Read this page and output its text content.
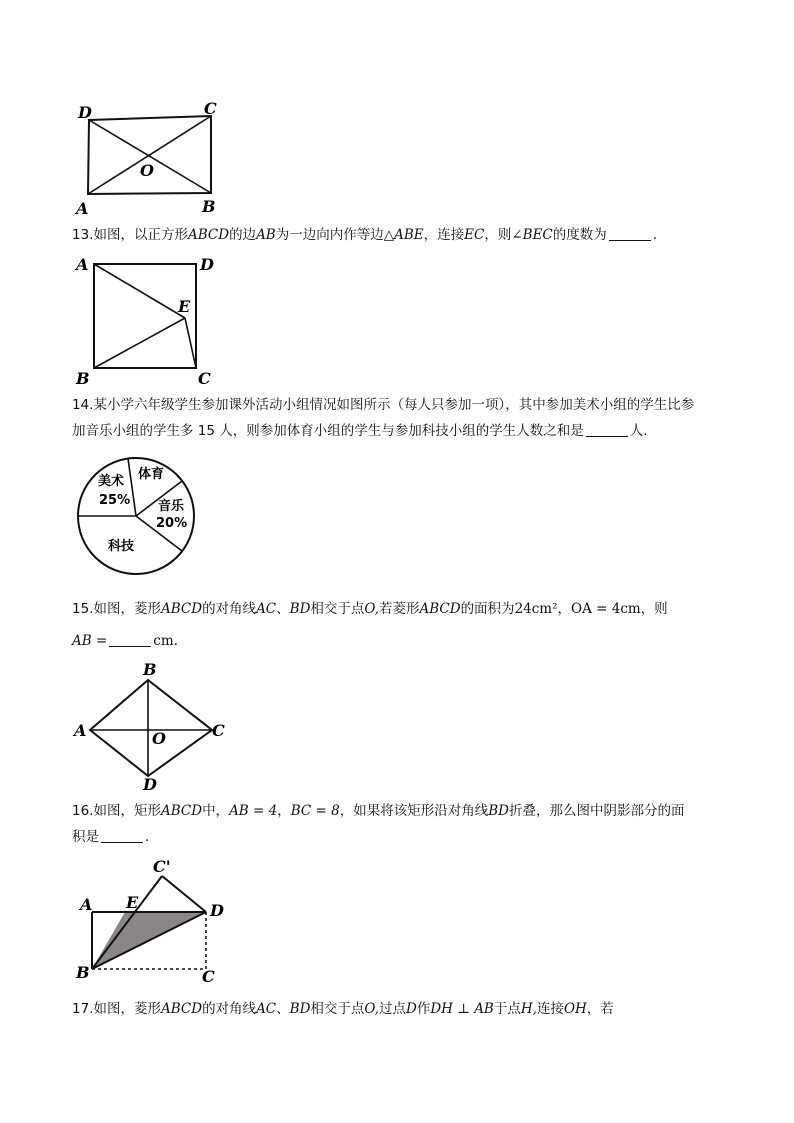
D	C
O
A	B
13.如图，以正方形ABCD的边AB为一边向内作等边△ABE，连接EC，则∠BEC的度数为	.
A	D
E
B	C
14.某小学六年级学生参加课外活动小组情况如图所示（每人只参加一项），其中参加美术小组的学生比参
加音乐小组的学生多 15 人，则参加体育小组的学生与参加科技小组的学生人数之和是	人.
美术
25%
体育
音乐
20%
科技
15.如图，菱形ABCD的对角线AC、BD相交于点O,若菱形ABCD的面积为24cm²，OA = 4cm，则
AB =	cm.
B
A	O	C
D
16.如图，矩形ABCD中，AB = 4，BC = 8，如果将该矩形沿对角线BD折叠，那么图中阴影部分的面
积是	.
C'
A E	D
B	C
17.如图，菱形ABCD的对角线AC、BD相交于点O,过点D作DH ⊥ AB于点H,连接OH，若
